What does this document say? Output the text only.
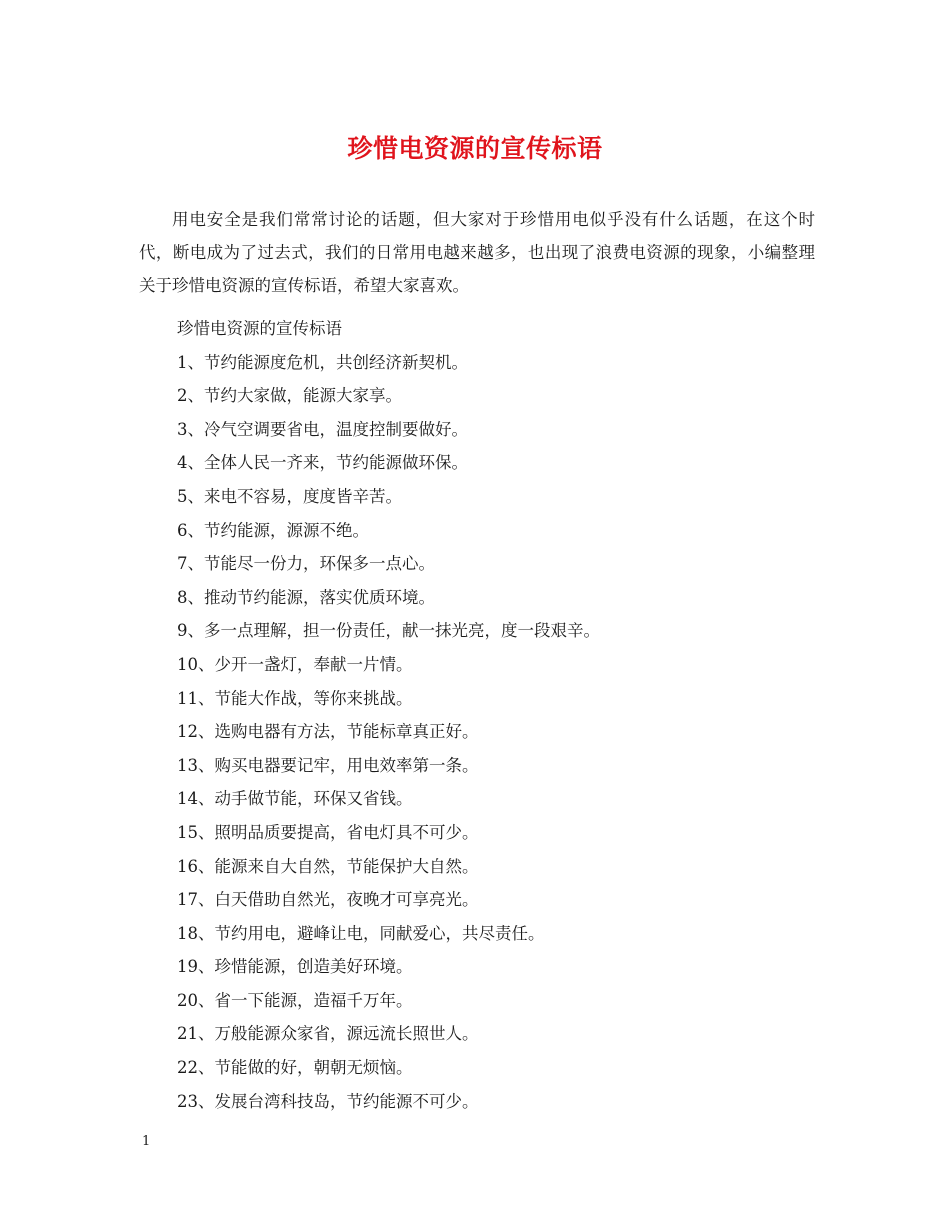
珍惜电资源的宣传标语
用电安全是我们常常讨论的话题，但大家对于珍惜用电似乎没有什么话题，在这个时代，断电成为了过去式，我们的日常用电越来越多，也出现了浪费电资源的现象，小编整理关于珍惜电资源的宣传标语，希望大家喜欢。
珍惜电资源的宣传标语
1、节约能源度危机，共创经济新契机。
2、节约大家做，能源大家享。
3、冷气空调要省电，温度控制要做好。
4、全体人民一齐来，节约能源做环保。
5、来电不容易，度度皆辛苦。
6、节约能源，源源不绝。
7、节能尽一份力，环保多一点心。
8、推动节约能源，落实优质环境。
9、多一点理解，担一份责任，献一抹光亮，度一段艰辛。
10、少开一盏灯，奉献一片情。
11、节能大作战，等你来挑战。
12、选购电器有方法，节能标章真正好。
13、购买电器要记牢，用电效率第一条。
14、动手做节能，环保又省钱。
15、照明品质要提高，省电灯具不可少。
16、能源来自大自然，节能保护大自然。
17、白天借助自然光，夜晚才可享亮光。
18、节约用电，避峰让电，同献爱心，共尽责任。
19、珍惜能源，创造美好环境。
20、省一下能源，造福千万年。
21、万般能源众家省，源远流长照世人。
22、节能做的好，朝朝无烦恼。
23、发展台湾科技岛，节约能源不可少。
1
